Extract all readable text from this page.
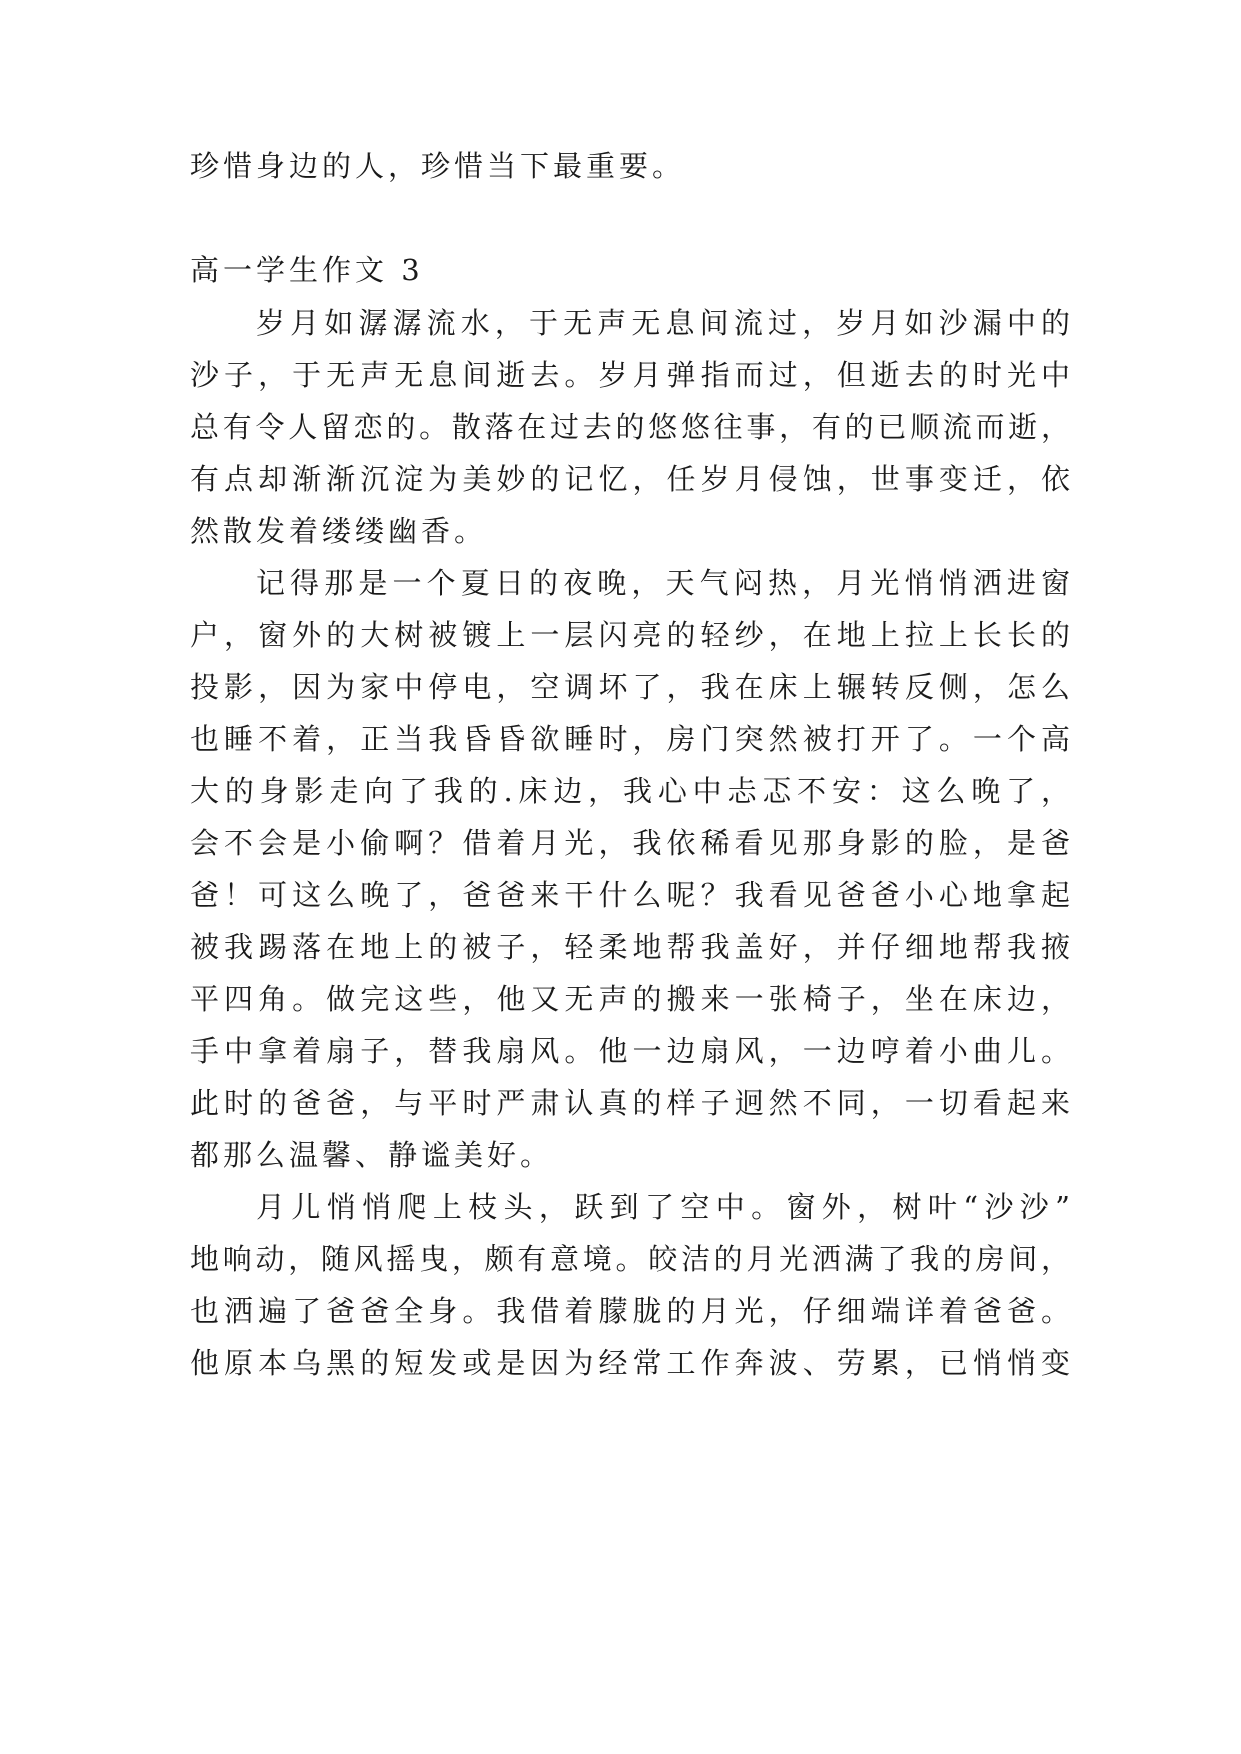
珍惜身边的人，珍惜当下最重要。
高一学生作文 3
岁月如潺潺流水，于无声无息间流过，岁月如沙漏中的
沙子，于无声无息间逝去。岁月弹指而过，但逝去的时光中
总有令人留恋的。散落在过去的悠悠往事，有的已顺流而逝，
有点却渐渐沉淀为美妙的记忆，任岁月侵蚀，世事变迁，依
然散发着缕缕幽香。
记得那是一个夏日的夜晚，天气闷热，月光悄悄洒进窗
户，窗外的大树被镀上一层闪亮的轻纱，在地上拉上长长的
投影，因为家中停电，空调坏了，我在床上辗转反侧，怎么
也睡不着，正当我昏昏欲睡时，房门突然被打开了。一个高
大的身影走向了我的.床边，我心中忐忑不安：这么晚了，
会不会是小偷啊？借着月光，我依稀看见那身影的脸，是爸
爸！可这么晚了，爸爸来干什么呢？我看见爸爸小心地拿起
被我踢落在地上的被子，轻柔地帮我盖好，并仔细地帮我掖
平四角。做完这些，他又无声的搬来一张椅子，坐在床边，
手中拿着扇子，替我扇风。他一边扇风，一边哼着小曲儿。
此时的爸爸，与平时严肃认真的样子迥然不同，一切看起来
都那么温馨、静谧美好。
月儿悄悄爬上枝头，跃到了空中。窗外，树叶“沙沙”
地响动，随风摇曳，颇有意境。皎洁的月光洒满了我的房间，
也洒遍了爸爸全身。我借着朦胧的月光，仔细端详着爸爸。
他原本乌黑的短发或是因为经常工作奔波、劳累，已悄悄变
